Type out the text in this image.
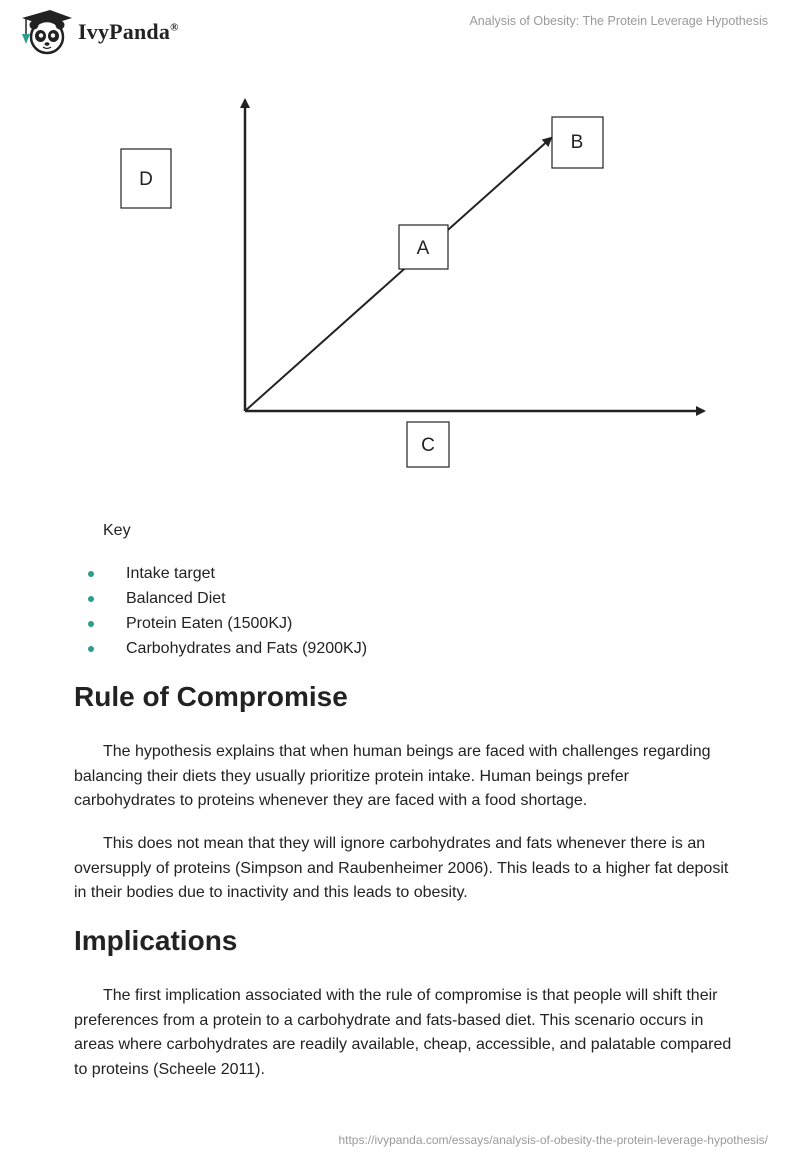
IvyPanda®	Analysis of Obesity: The Protein Leverage Hypothesis
D
B
A
C
Key
Intake target
Balanced Diet
Protein Eaten (1500KJ)
Carbohydrates and Fats (9200KJ)
Rule of Compromise

The hypothesis explains that when human beings are faced with challenges regarding balancing their diets they usually prioritize protein intake. Human beings prefer carbohydrates to proteins whenever they are faced with a food shortage.

This does not mean that they will ignore carbohydrates and fats whenever there is an oversupply of proteins (Simpson and Raubenheimer 2006). This leads to a higher fat deposit in their bodies due to inactivity and this leads to obesity.

Implications

The first implication associated with the rule of compromise is that people will shift their preferences from a protein to a carbohydrate and fats-based diet. This scenario occurs in areas where carbohydrates are readily available, cheap, accessible, and palatable compared to proteins (Scheele 2011).

https://ivypanda.com/essays/analysis-of-obesity-the-protein-leverage-hypothesis/
